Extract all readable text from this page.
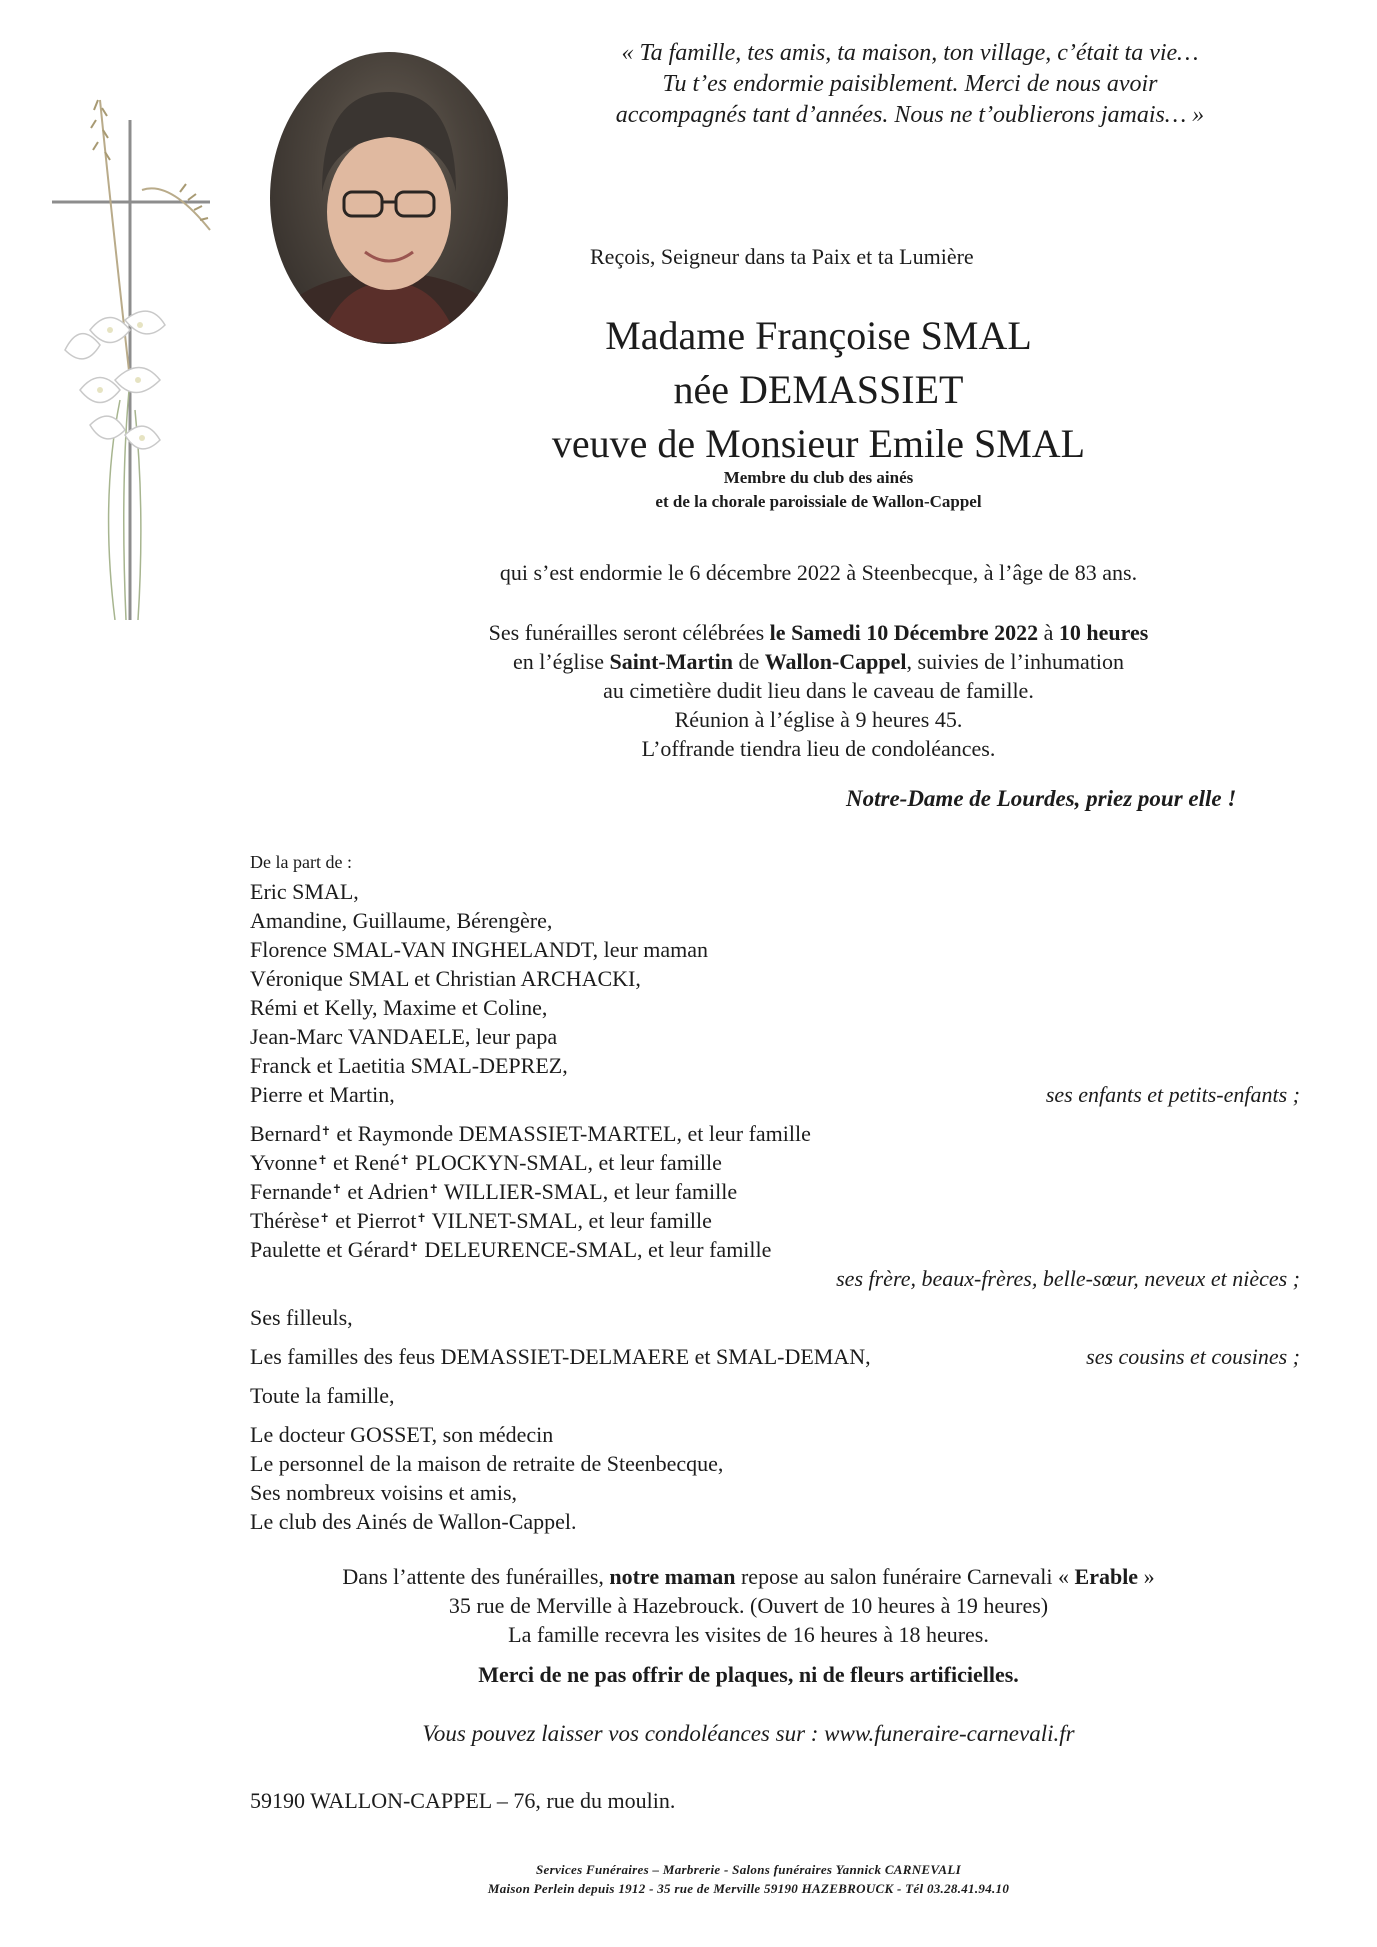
« Ta famille, tes amis, ta maison, ton village, c’était ta vie…
Tu t’es endormie paisiblement. Merci de nous avoir
accompagnés tant d’années. Nous ne t’oublierons jamais… »
Reçois, Seigneur dans ta Paix et ta Lumière
Madame Françoise SMAL
née DEMASSIET
veuve de Monsieur Emile SMAL
Membre du club des ainés
et de la chorale paroissiale de Wallon-Cappel
qui s’est endormie le 6 décembre 2022 à Steenbecque, à l’âge de 83 ans.
Ses funérailles seront célébrées le Samedi 10 Décembre 2022 à 10 heures
en l’église Saint-Martin de Wallon-Cappel, suivies de l’inhumation
au cimetière dudit lieu dans le caveau de famille.
Réunion à l’église à 9 heures 45.
L’offrande tiendra lieu de condoléances.
Notre-Dame de Lourdes, priez pour elle !
De la part de :
Eric SMAL,
Amandine, Guillaume, Bérengère,
Florence SMAL-VAN INGHELANDT, leur maman
Véronique SMAL et Christian ARCHACKI,
Rémi et Kelly, Maxime et Coline,
Jean-Marc VANDAELE, leur papa
Franck et Laetitia SMAL-DEPREZ,
Pierre et Martin,	ses enfants et petits-enfants ;
Bernard✝ et Raymonde DEMASSIET-MARTEL, et leur famille
Yvonne✝ et René✝ PLOCKYN-SMAL, et leur famille
Fernande✝ et Adrien✝ WILLIER-SMAL, et leur famille
Thérèse✝ et Pierrot✝ VILNET-SMAL, et leur famille
Paulette et Gérard✝ DELEURENCE-SMAL, et leur famille
ses frère, beaux-frères, belle-sœur, neveux et nièces ;
Ses filleuls,
Les familles des feus DEMASSIET-DELMAERE et SMAL-DEMAN,	ses cousins et cousines ;
Toute la famille,
Le docteur GOSSET, son médecin
Le personnel de la maison de retraite de Steenbecque,
Ses nombreux voisins et amis,
Le club des Ainés de Wallon-Cappel.
Dans l’attente des funérailles, notre maman repose au salon funéraire Carnevali « Erable »
35 rue de Merville à Hazebrouck. (Ouvert de 10 heures à 19 heures)
La famille recevra les visites de 16 heures à 18 heures.
Merci de ne pas offrir de plaques, ni de fleurs artificielles.
Vous pouvez laisser vos condoléances sur : www.funeraire-carnevali.fr
59190 WALLON-CAPPEL – 76, rue du moulin.
Services Funéraires – Marbrerie - Salons funéraires Yannick CARNEVALI
Maison Perlein depuis 1912 - 35 rue de Merville 59190 HAZEBROUCK - Tél 03.28.41.94.10
